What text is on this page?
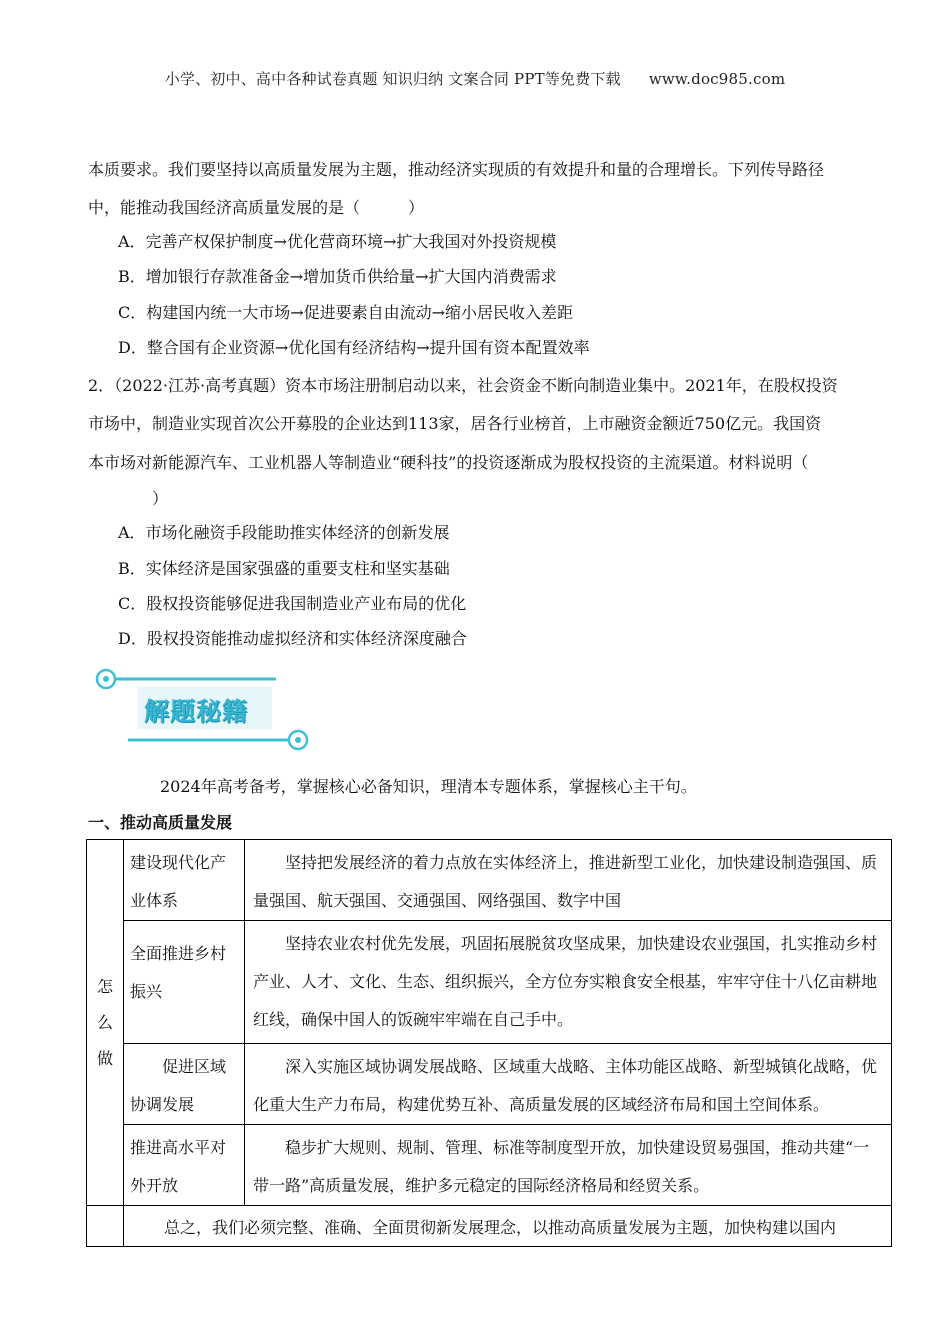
小学、初中、高中各种试卷真题 知识归纳 文案合同 PPT等免费下载 www.doc985.com
本质要求。我们要坚持以高质量发展为主题，推动经济实现质的有效提升和量的合理增长。下列传导路径
中，能推动我国经济高质量发展的是（　　　）
A．完善产权保护制度→优化营商环境→扩大我国对外投资规模
B．增加银行存款准备金→增加货币供给量→扩大国内消费需求
C．构建国内统一大市场→促进要素自由流动→缩小居民收入差距
D．整合国有企业资源→优化国有经济结构→提升国有资本配置效率
2．（2022·江苏·高考真题）资本市场注册制启动以来，社会资金不断向制造业集中。2021年，在股权投资
市场中，制造业实现首次公开募股的企业达到113家，居各行业榜首，上市融资金额近750亿元。我国资
本市场对新能源汽车、工业机器人等制造业“硬科技”的投资逐渐成为股权投资的主流渠道。材料说明（
　　　）
A．市场化融资手段能助推实体经济的创新发展
B．实体经济是国家强盛的重要支柱和坚实基础
C．股权投资能够促进我国制造业产业布局的优化
D．股权投资能推动虚拟经济和实体经济深度融合
解题秘籍
2024年高考备考，掌握核心必备知识，理清本专题体系，掌握核心主干句。
一、推动高质量发展
怎
么
做	建设现代化产业体系	坚持把发展经济的着力点放在实体经济上，推进新型工业化，加快建设制造强国、质量强国、航天强国、交通强国、网络强国、数字中国
	全面推进乡村振兴	坚持农业农村优先发展，巩固拓展脱贫攻坚成果，加快建设农业强国，扎实推动乡村产业、人才、文化、生态、组织振兴，全方位夯实粮食安全根基，牢牢守住十八亿亩耕地红线，确保中国人的饭碗牢牢端在自己手中。
	促进区域协调发展	深入实施区域协调发展战略、区域重大战略、主体功能区战略、新型城镇化战略，优化重大生产力布局，构建优势互补、高质量发展的区域经济布局和国土空间体系。
	推进高水平对外开放	稳步扩大规则、规制、管理、标准等制度型开放，加快建设贸易强国，推动共建“一带一路”高质量发展，维护多元稳定的国际经济格局和经贸关系。
	总之，我们必须完整、准确、全面贯彻新发展理念，以推动高质量发展为主题，加快构建以国内	
